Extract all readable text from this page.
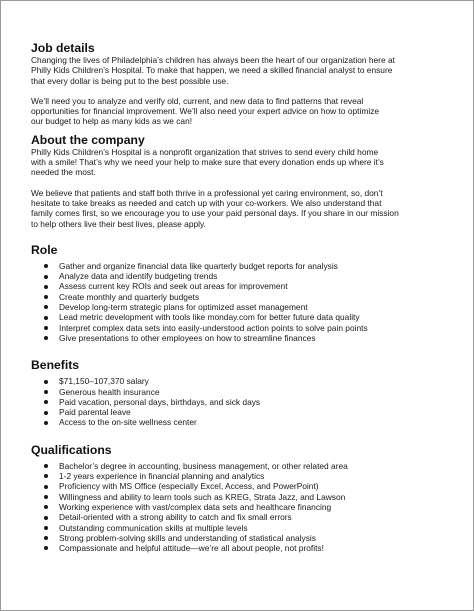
Job details

Changing the lives of Philadelphia’s children has always been the heart of our organization here at
Philly Kids Children’s Hospital. To make that happen, we need a skilled financial analyst to ensure
that every dollar is being put to the best possible use.

We’ll need you to analyze and verify old, current, and new data to find patterns that reveal
opportunities for financial improvement. We’ll also need your expert advice on how to optimize
our budget to help as many kids as we can!

About the company

Philly Kids Children’s Hospital is a nonprofit organization that strives to send every child home
with a smile! That’s why we need your help to make sure that every donation ends up where it’s
needed the most.

We believe that patients and staff both thrive in a professional yet caring environment, so, don’t
hesitate to take breaks as needed and catch up with your co-workers. We also understand that
family comes first, so we encourage you to use your paid personal days. If you share in our mission
to help others live their best lives, please apply.

Role
Gather and organize financial data like quarterly budget reports for analysis
Analyze data and identify budgeting trends
Assess current key ROIs and seek out areas for improvement
Create monthly and quarterly budgets
Develop long-term strategic plans for optimized asset management
Lead metric development with tools like monday.com for better future data quality
Interpret complex data sets into easily-understood action points to solve pain points
Give presentations to other employees on how to streamline finances
Benefits
$71,150–107,370 salary
Generous health insurance
Paid vacation, personal days, birthdays, and sick days
Paid parental leave
Access to the on-site wellness center
Qualifications
Bachelor’s degree in accounting, business management, or other related area
1-2 years experience in financial planning and analytics
Proficiency with MS Office (especially Excel, Access, and PowerPoint)
Willingness and ability to learn tools such as KREG, Strata Jazz, and Lawson
Working experience with vast/complex data sets and healthcare financing
Detail-oriented with a strong ability to catch and fix small errors
Outstanding communication skills at multiple levels
Strong problem-solving skills and understanding of statistical analysis
Compassionate and helpful attitude—we’re all about people, not profits!
